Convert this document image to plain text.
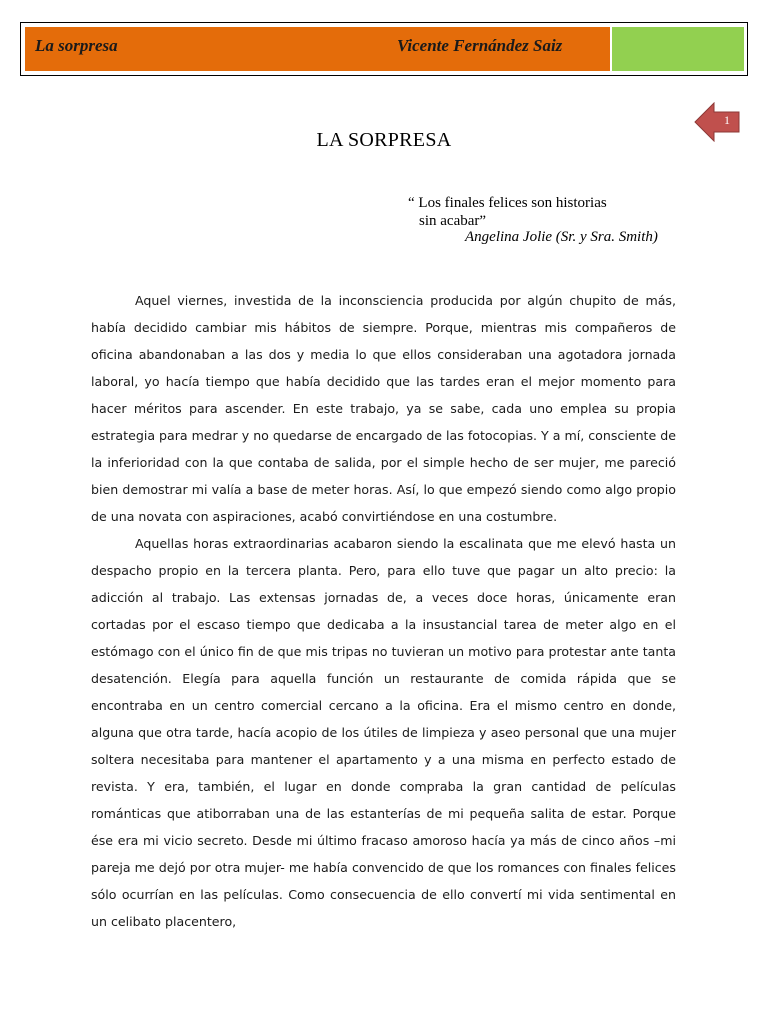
La sorpresa	Vicente Fernández Saiz
1
LA SORPRESA
“ Los finales felices son historias
sin acabar”
Angelina Jolie (Sr. y Sra. Smith)

Aquel viernes, investida de la inconsciencia producida por algún chupito de más, había decidido cambiar mis hábitos de siempre. Porque, mientras mis compañeros de oficina abandonaban a las dos y media lo que ellos consideraban una agotadora jornada laboral, yo hacía tiempo que había decidido que las tardes eran el mejor momento para hacer méritos para ascender. En este trabajo, ya se sabe, cada uno emplea su propia estrategia para medrar y no quedarse de encargado de las fotocopias. Y a mí, consciente de la inferioridad con la que contaba de salida, por el simple hecho de ser mujer, me pareció bien demostrar mi valía a base de meter horas. Así, lo que empezó siendo como algo propio de una novata con aspiraciones, acabó convirtiéndose en una costumbre.

Aquellas horas extraordinarias acabaron siendo la escalinata que me elevó hasta un despacho propio en la tercera planta. Pero, para ello tuve que pagar un alto precio: la adicción al trabajo. Las extensas jornadas de, a veces doce horas, únicamente eran cortadas por el escaso tiempo que dedicaba a la insustancial tarea de meter algo en el estómago con el único fin de que mis tripas no tuvieran un motivo para protestar ante tanta desatención. Elegía para aquella función un restaurante de comida rápida que se encontraba en un centro comercial cercano a la oficina. Era el mismo centro en donde, alguna que otra tarde, hacía acopio de los útiles de limpieza y aseo personal que una mujer soltera necesitaba para mantener el apartamento y a una misma en perfecto estado de revista. Y era, también, el lugar en donde compraba la gran cantidad de películas románticas que atiborraban una de las estanterías de mi pequeña salita de estar. Porque ése era mi vicio secreto. Desde mi último fracaso amoroso hacía ya más de cinco años –mi pareja me dejó por otra mujer- me había convencido de que los romances con finales felices sólo ocurrían en las películas. Como consecuencia de ello convertí mi vida sentimental en un celibato placentero,
